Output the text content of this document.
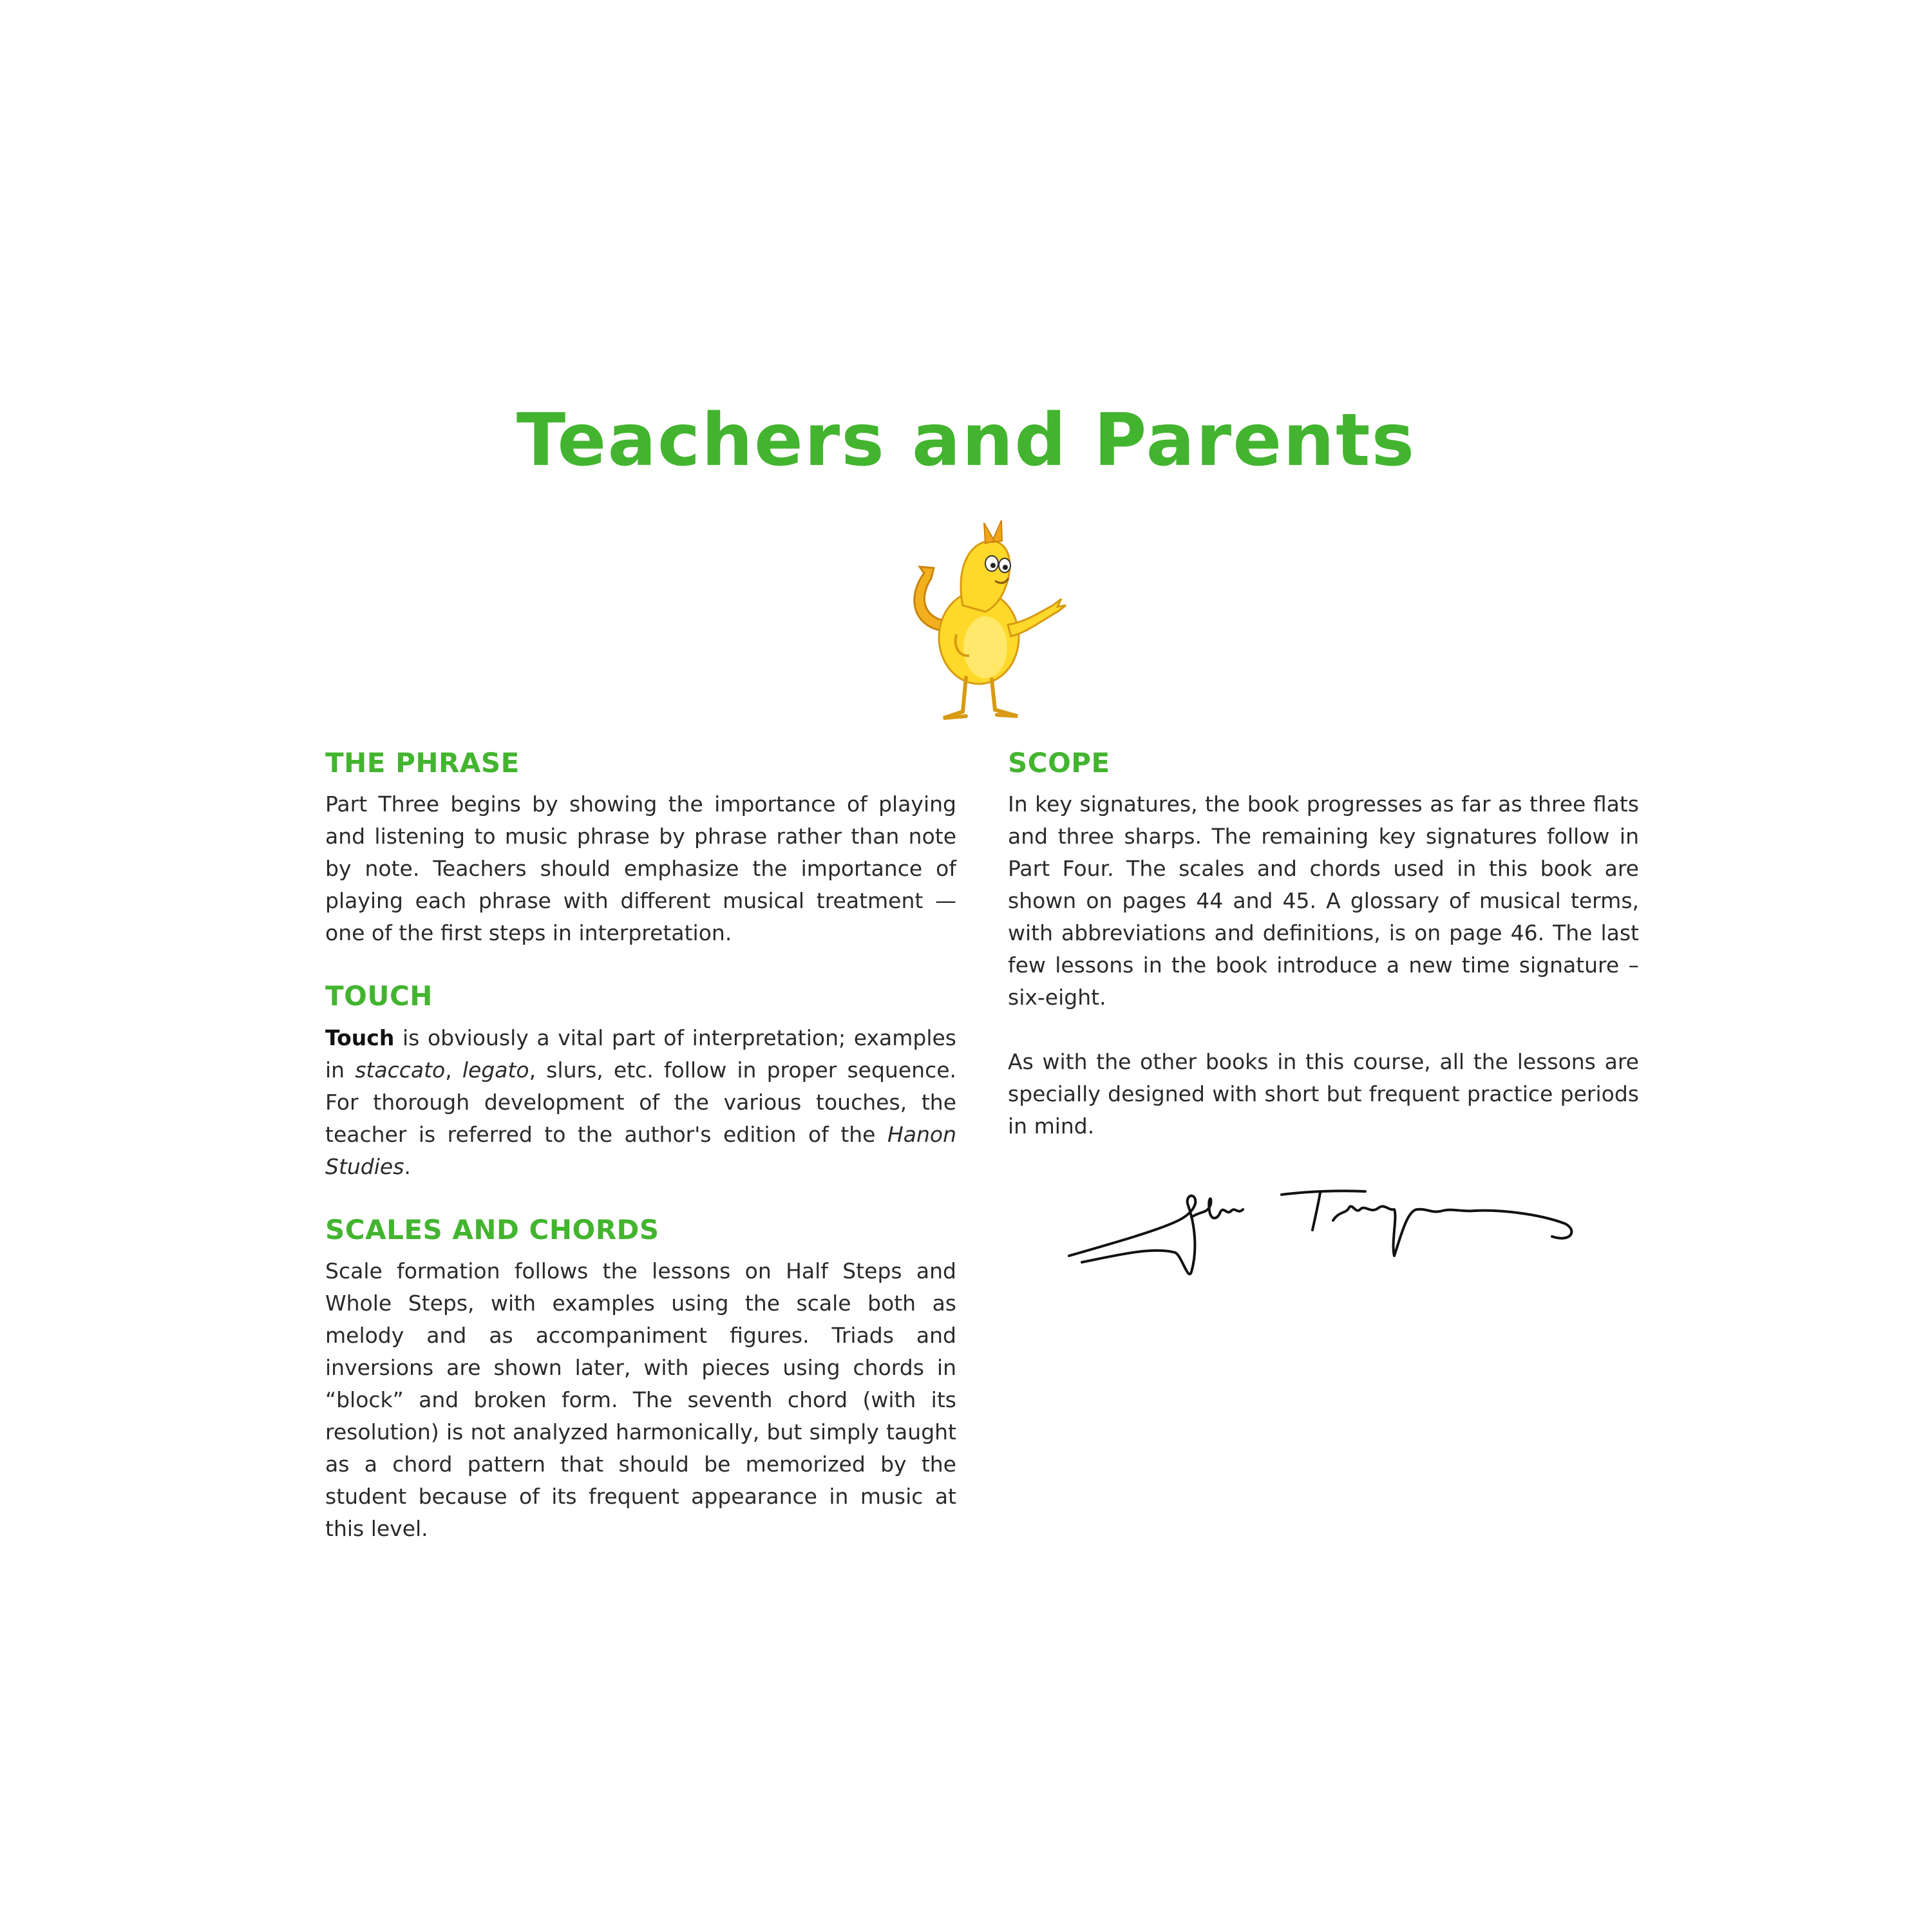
Teachers and Parents
THE PHRASE

Part Three begins by showing the importance of playing and listening to music phrase by phrase rather than note by note. Teachers should emphasize the importance of playing each phrase with different musical treatment — one of the first steps in interpretation.

TOUCH

Touch is obviously a vital part of interpretation; examples in staccato, legato, slurs, etc. follow in proper sequence. For thorough development of the various touches, the teacher is referred to the author's edition of the Hanon Studies.

SCALES AND CHORDS

Scale formation follows the lessons on Half Steps and Whole Steps, with examples using the scale both as melody and as accompaniment figures. Triads and inversions are shown later, with pieces using chords in “block” and broken form. The seventh chord (with its resolution) is not analyzed harmonically, but simply taught as a chord pattern that should be memorized by the student because of its frequent appearance in music at this level.

SCOPE

In key signatures, the book progresses as far as three flats and three sharps. The remaining key signatures follow in Part Four. The scales and chords used in this book are shown on pages 44 and 45. A glossary of musical terms, with abbreviations and definitions, is on page 46. The last few lessons in the book introduce a new time signature – six-eight.

As with the other books in this course, all the lessons are specially designed with short but frequent practice periods in mind.
